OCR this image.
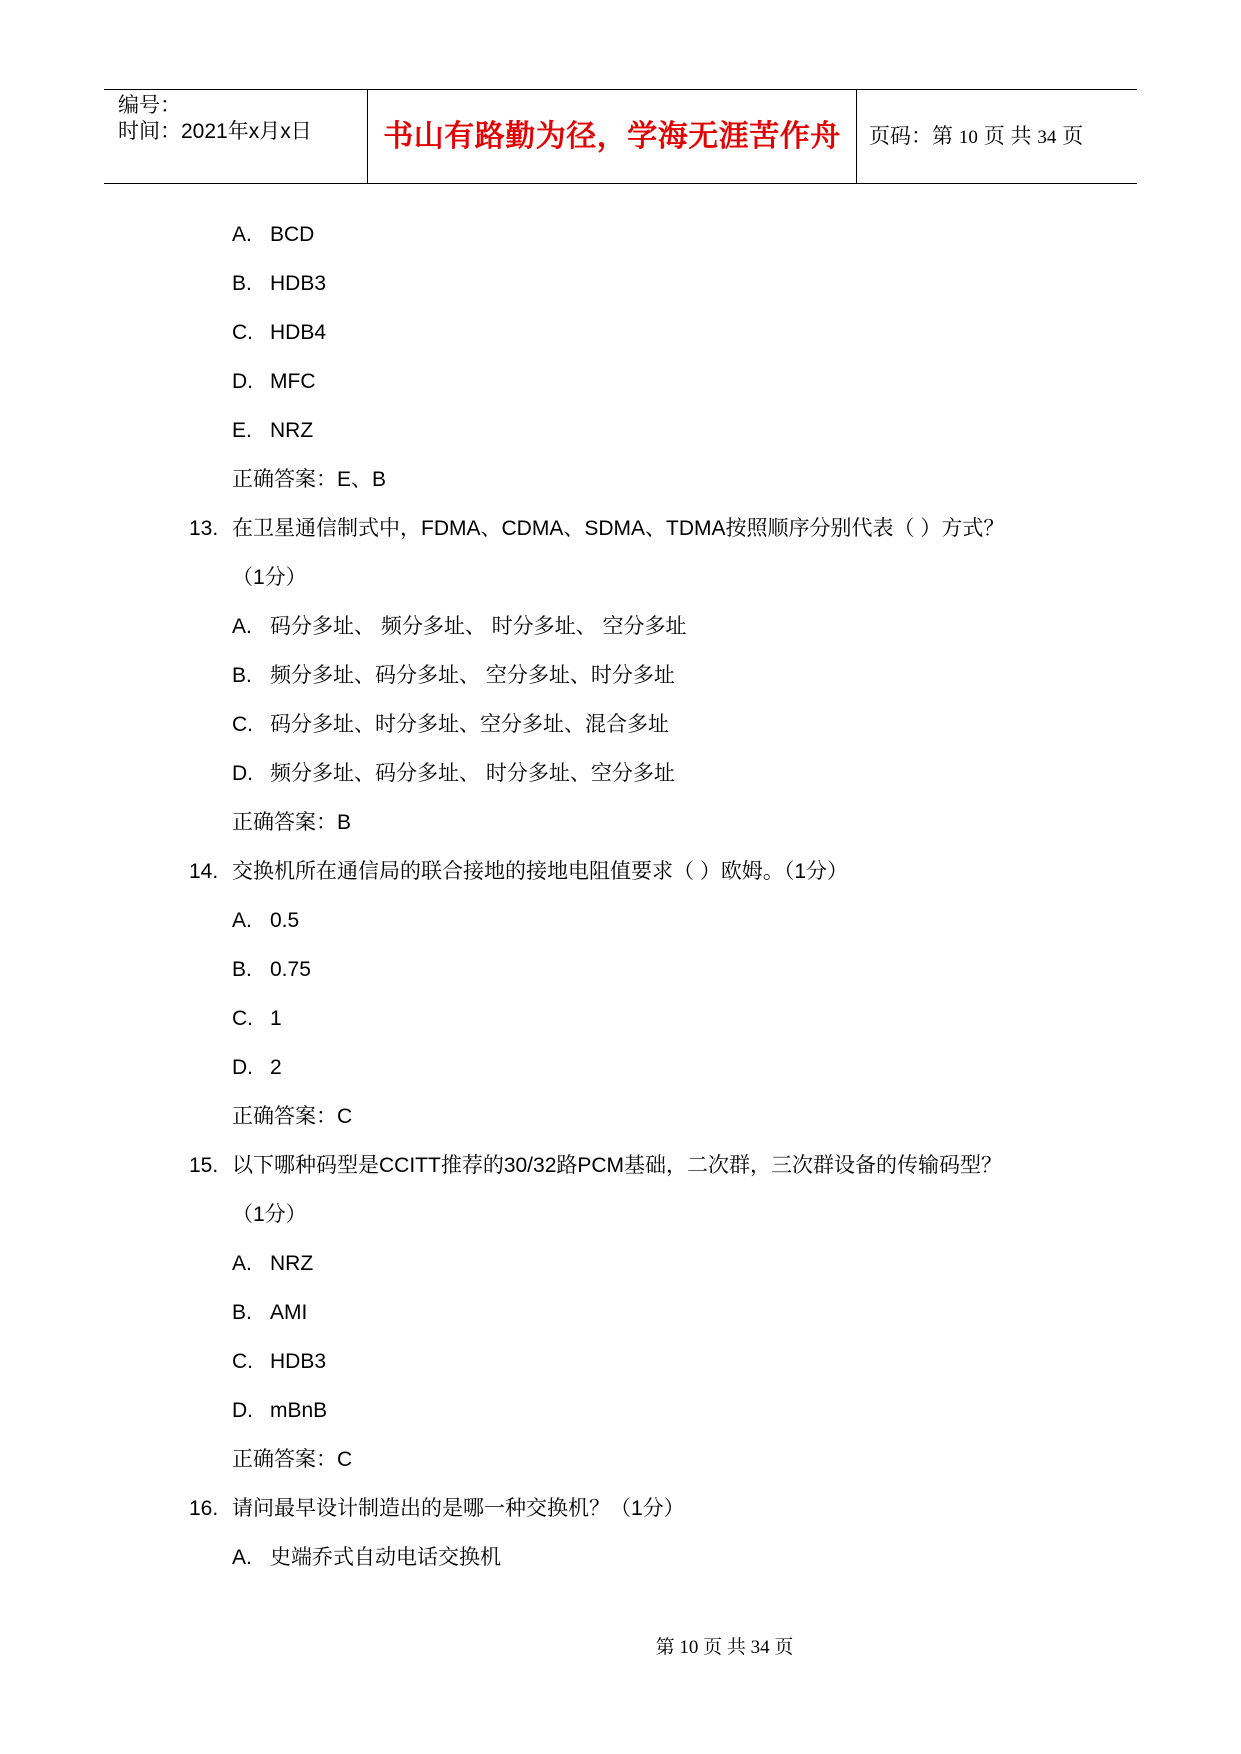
编号：
时间：2021年x月x日	书山有路勤为径，学海无涯苦作舟	页码：第 10 页 共 34 页
A. BCD
B. HDB3
C. HDB4
D. MFC
E. NRZ
正确答案：E、B
13. 在卫星通信制式中，FDMA、CDMA、SDMA、TDMA按照顺序分别代表（ ）方式？
（1分）
A. 码分多址、 频分多址、 时分多址、 空分多址
B. 频分多址、码分多址、 空分多址、时分多址
C. 码分多址、时分多址、空分多址、混合多址
D. 频分多址、码分多址、 时分多址、空分多址
正确答案：B
14. 交换机所在通信局的联合接地的接地电阻值要求（ ）欧姆。（1分）
A. 0.5
B. 0.75
C. 1
D. 2
正确答案：C
15. 以下哪种码型是CCITT推荐的30/32路PCM基础，二次群，三次群设备的传输码型？
（1分）
A. NRZ
B. AMI
C. HDB3
D. mBnB
正确答案：C
16. 请问最早设计制造出的是哪一种交换机？（1分）
A. 史端乔式自动电话交换机
第 10 页 共 34 页
